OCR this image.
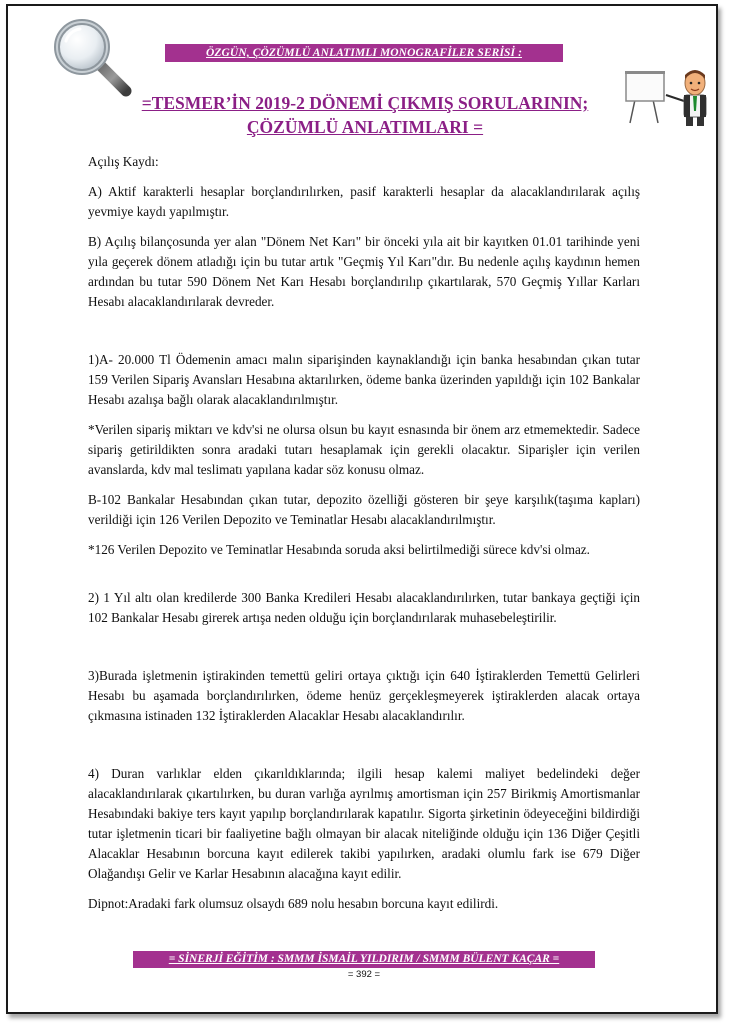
ÖZGÜN, ÇÖZÜMLÜ ANLATIMLI MONOGRAFİLER SERİSİ :
=TESMER’İN 2019-2 DÖNEMİ ÇIKMIŞ SORULARININ;
ÇÖZÜMLÜ ANLATIMLARI =

Açılış Kaydı:

A) Aktif karakterli hesaplar borçlandırılırken, pasif karakterli hesaplar da alacaklandırılarak açılış yevmiye kaydı yapılmıştır.

B) Açılış bilançosunda yer alan "Dönem Net Karı" bir önceki yıla ait bir kayıtken 01.01 tarihinde yeni yıla geçerek dönem atladığı için bu tutar artık "Geçmiş Yıl Karı"dır. Bu nedenle açılış kaydının hemen ardından bu tutar 590 Dönem Net Karı Hesabı borçlandırılıp çıkartılarak, 570 Geçmiş Yıllar Karları Hesabı alacaklandırılarak devreder.

1)A- 20.000 Tl Ödemenin amacı malın siparişinden kaynaklandığı için banka hesabından çıkan tutar 159 Verilen Sipariş Avansları Hesabına aktarılırken, ödeme banka üzerinden yapıldığı için 102 Bankalar Hesabı azalışa bağlı olarak alacaklandırılmıştır.

*Verilen sipariş miktarı ve kdv'si ne olursa olsun bu kayıt esnasında bir önem arz etmemektedir. Sadece sipariş getirildikten sonra aradaki tutarı hesaplamak için gerekli olacaktır. Siparişler için verilen avanslarda, kdv mal teslimatı yapılana kadar söz konusu olmaz.

B-102 Bankalar Hesabından çıkan tutar, depozito özelliği gösteren bir şeye karşılık(taşıma kapları) verildiği için 126 Verilen Depozito ve Teminatlar Hesabı alacaklandırılmıştır.

*126 Verilen Depozito ve Teminatlar Hesabında soruda aksi belirtilmediği sürece kdv'si olmaz.

2) 1 Yıl altı olan kredilerde 300 Banka Kredileri Hesabı alacaklandırılırken, tutar bankaya geçtiği için 102 Bankalar Hesabı girerek artışa neden olduğu için borçlandırılarak muhasebeleştirilir.

3)Burada işletmenin iştirakinden temettü geliri ortaya çıktığı için 640 İştiraklerden Temettü Gelirleri Hesabı bu aşamada borçlandırılırken, ödeme henüz gerçekleşmeyerek iştiraklerden alacak ortaya çıkmasına istinaden 132 İştiraklerden Alacaklar Hesabı alacaklandırılır.

4) Duran varlıklar elden çıkarıldıklarında; ilgili hesap kalemi maliyet bedelindeki değer alacaklandırılarak çıkartılırken, bu duran varlığa ayrılmış amortisman için 257 Birikmiş Amortismanlar Hesabındaki bakiye ters kayıt yapılıp borçlandırılarak kapatılır. Sigorta şirketinin ödeyeceğini bildirdiği tutar işletmenin ticari bir faaliyetine bağlı olmayan bir alacak niteliğinde olduğu için 136 Diğer Çeşitli Alacaklar Hesabının borcuna kayıt edilerek takibi yapılırken, aradaki olumlu fark ise 679 Diğer Olağandışı Gelir ve Karlar Hesabının alacağına kayıt edilir.

Dipnot:Aradaki fark olumsuz olsaydı 689 nolu hesabın borcuna kayıt edilirdi.

= SİNERJİ EĞİTİM : SMMM İSMAİL YILDIRIM / SMMM BÜLENT KAÇAR =
= 392 =
